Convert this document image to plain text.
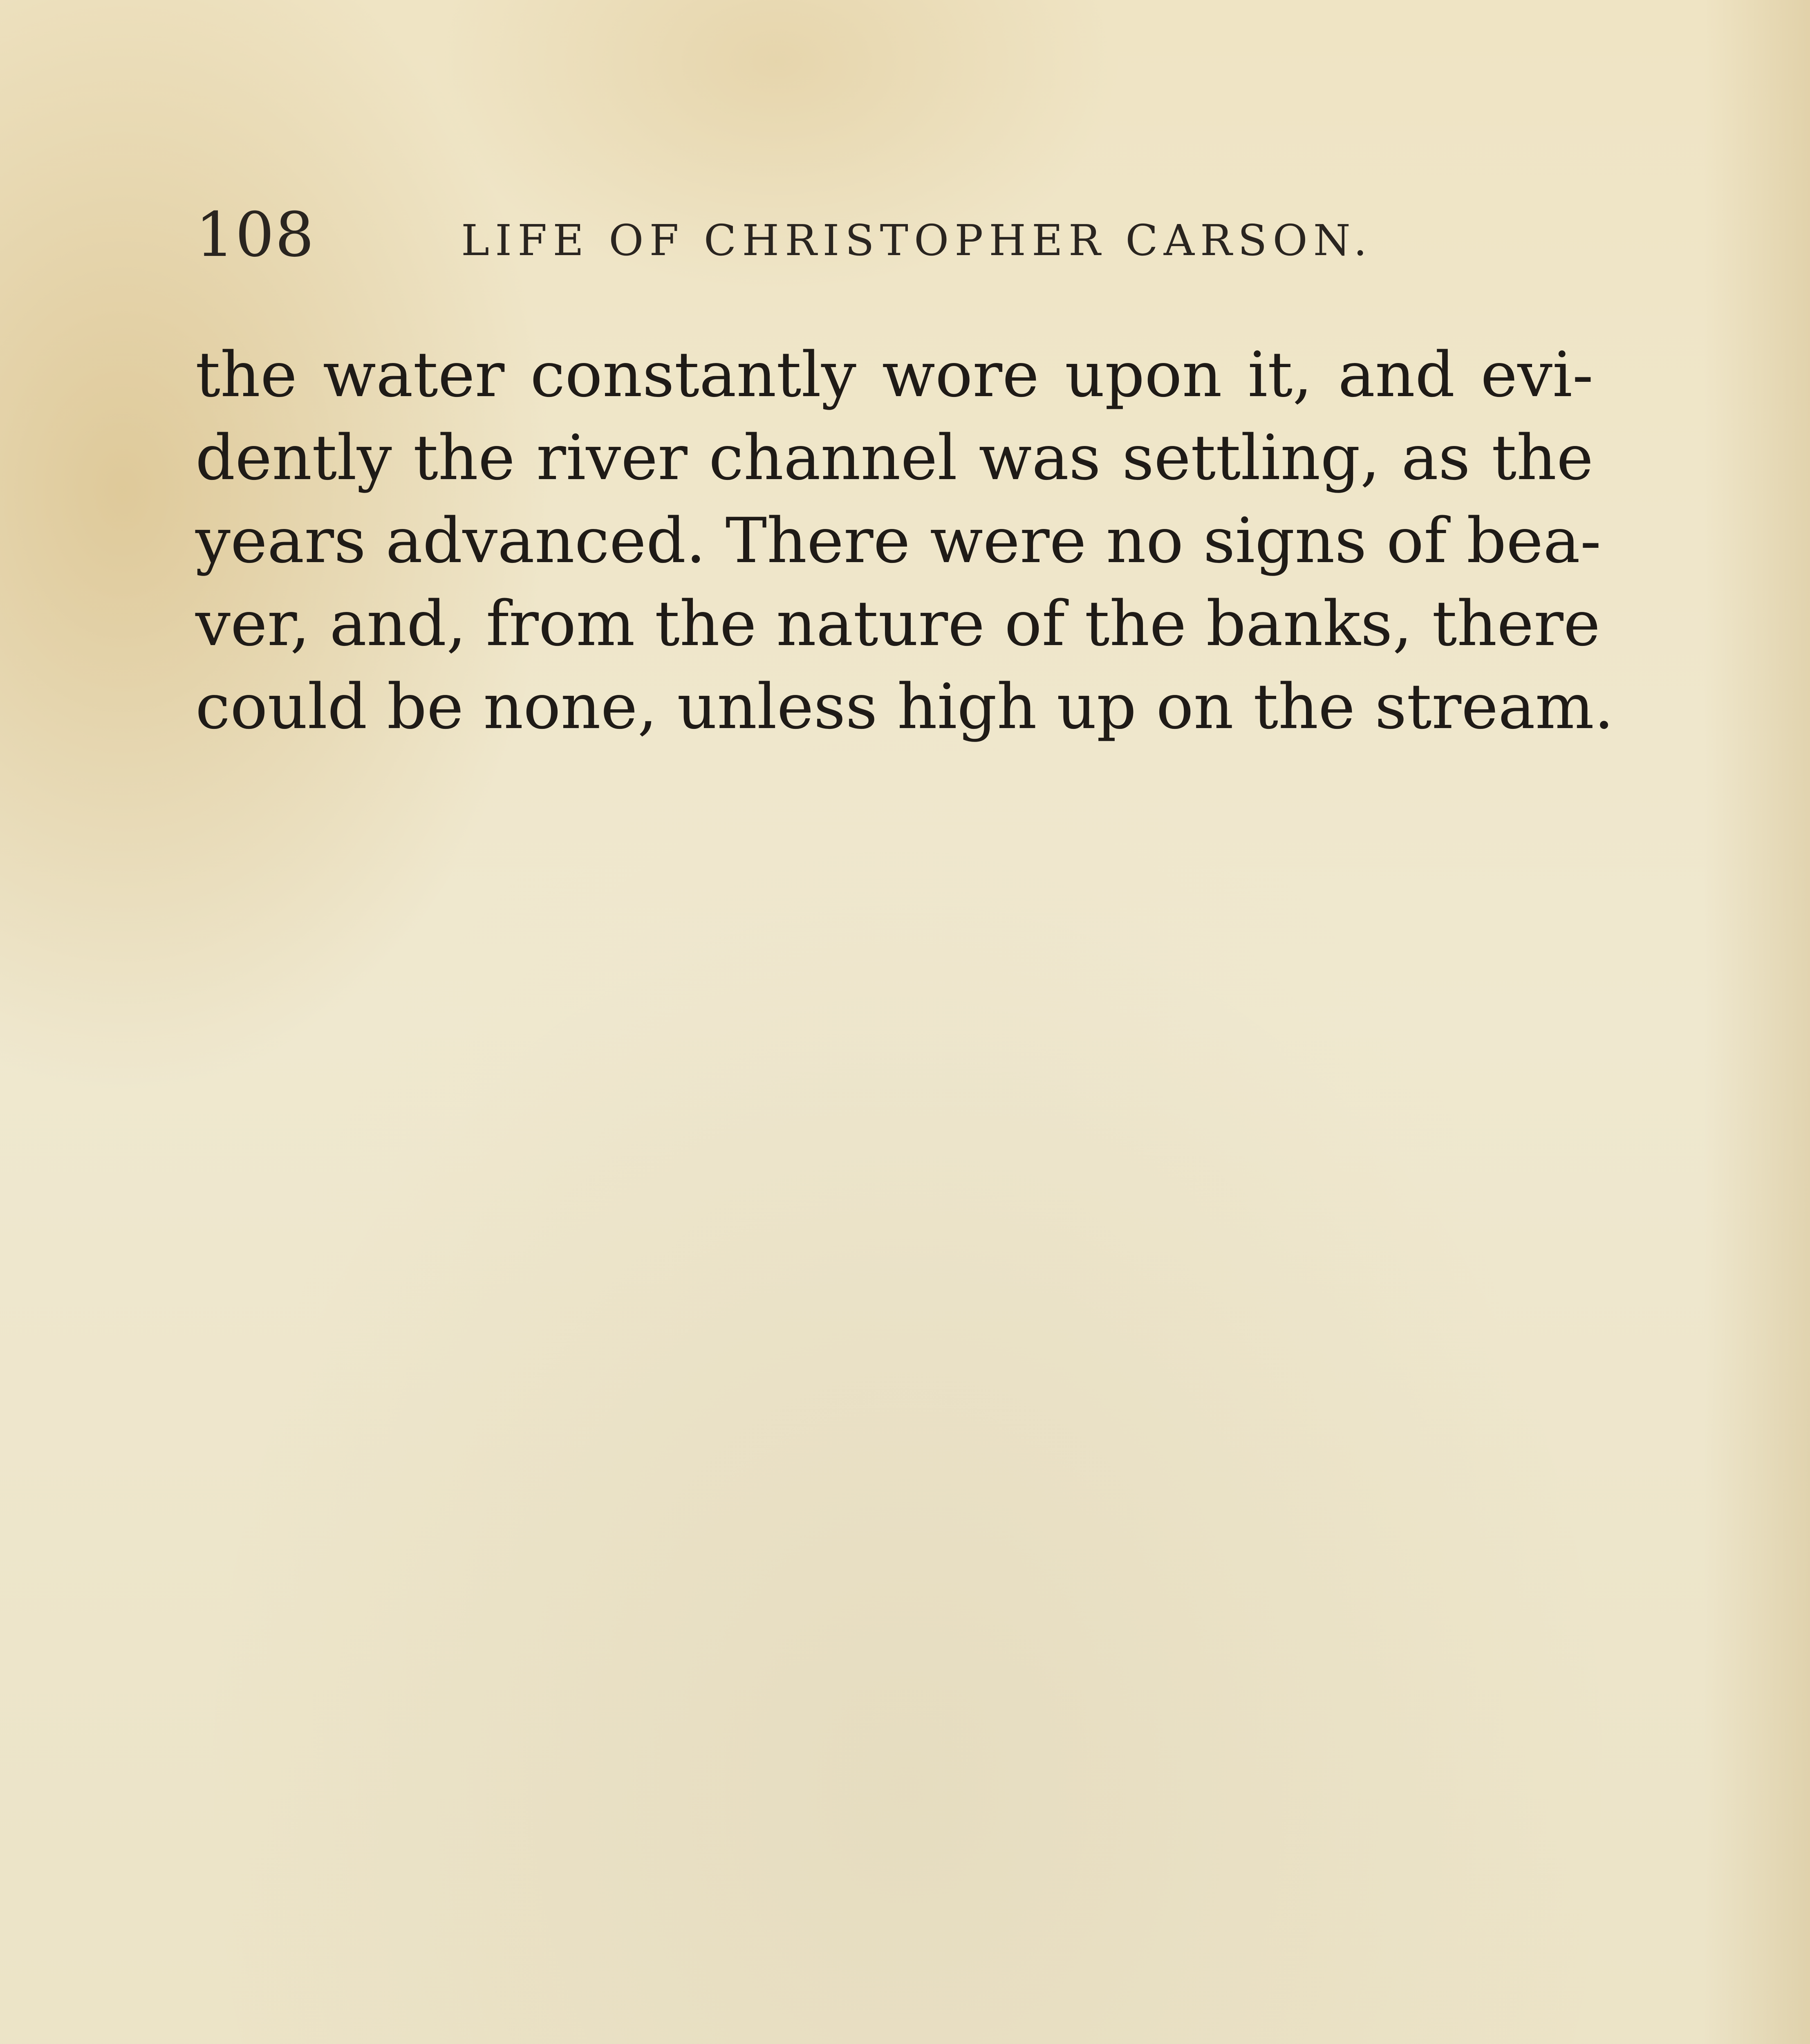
108	LIFE OF CHRISTOPHER CARSON.
the water constantly wore upon it, and evi-
dently the river channel was settling, as the
years advanced. There were no signs of bea-
ver, and, from the nature of the banks, there
could be none, unless high up on the stream.
